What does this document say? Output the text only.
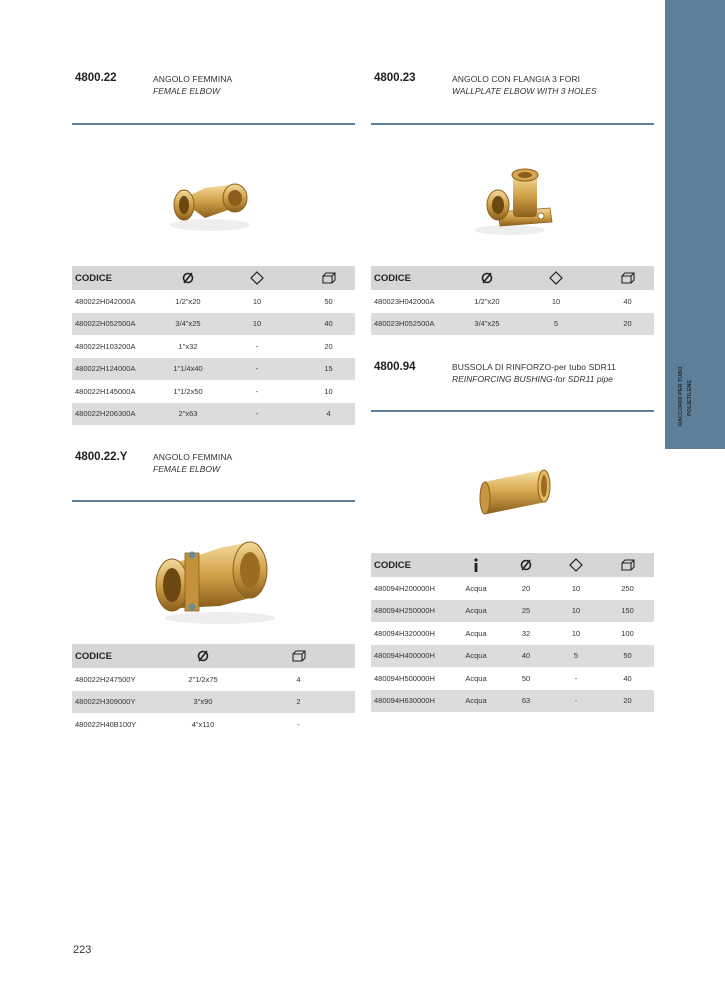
RACCORDI PER TUBO POLIETILENE
4800.22	ANGOLO FEMMINA
FEMALE ELBOW
CODICE			
480022H042000A	1/2"x20	10	50
480022H052500A	3/4"x25	10	40
480022H103200A	1"x32	-	20
480022H124000A	1"1/4x40	-	15
480022H145000A	1"1/2x50	-	10
480022H206300A	2"x63	-	4
4800.23	ANGOLO CON FLANGIA 3 FORI
WALLPLATE ELBOW WITH 3 HOLES
CODICE			
480023H042000A	1/2"x20	10	40
480023H052500A	3/4"x25	5	20
4800.94	BUSSOLA DI RINFORZO-per tubo SDR11
REINFORCING BUSHING-for SDR11 pipe
CODICE				
480094H200000H	Acqua	20	10	250
480094H250000H	Acqua	25	10	150
480094H320000H	Acqua	32	10	100
480094H400000H	Acqua	40	5	50
480094H500000H	Acqua	50	-	40
480094H630000H	Acqua	63	-	20
4800.22.Y	ANGOLO FEMMINA
FEMALE ELBOW
CODICE		
480022H247500Y	2"1/2x75	4
480022H309000Y	3"x90	2
480022H40B100Y	4"x110	-
223
